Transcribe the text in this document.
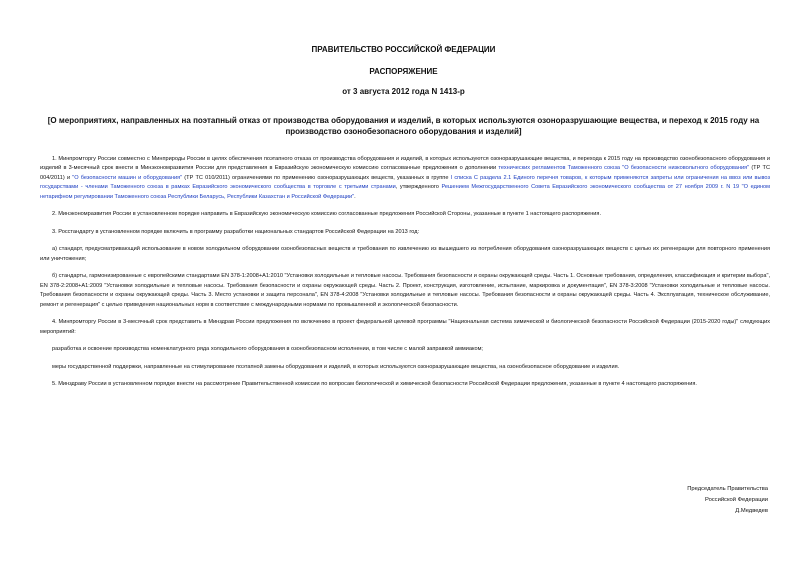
ПРАВИТЕЛЬСТВО РОССИЙСКОЙ ФЕДЕРАЦИИ
РАСПОРЯЖЕНИЕ
от 3 августа 2012 года N 1413-р
[О мероприятиях, направленных на поэтапный отказ от производства оборудования и изделий, в которых используются озоноразрушающие вещества, и переход к 2015 году на производство озонобезопасного оборудования и изделий]

1. Минпромторгу России совместно с Минприроды России в целях обеспечения поэтапного отказа от производства оборудования и изделий, в которых используются озоноразрушающие вещества, и перехода к 2015 году на производство озонобезопасного оборудования и изделий в 3-месячный срок внести в Минэкономразвития России для представления в Евразийскую экономическую комиссию согласованные предложения о дополнении технических регламентов Таможенного союза "О безопасности низковольтного оборудования" (ТР ТС 004/2011) и "О безопасности машин и оборудования" (ТР ТС 010/2011) ограничениями по применению озоноразрушающих веществ, указанных в группе I списка С раздела 2.1 Единого перечня товаров, к которым применяются запреты или ограничения на ввоз или вывоз государствами - членами Таможенного союза в рамках Евразийского экономического сообщества в торговле с третьими странами, утвержденного Решением Межгосударственного Совета Евразийского экономического сообщества от 27 ноября 2009 г. N 19 "О едином нетарифном регулировании Таможенного союза Республики Беларусь, Республики Казахстан и Российской Федерации".

2. Минэкономразвития России в установленном порядке направить в Евразийскую экономическую комиссию согласованные предложения Российской Стороны, указанные в пункте 1 настоящего распоряжения.

3. Росстандарту в установленном порядке включить в программу разработки национальных стандартов Российской Федерации на 2013 год:

а) стандарт, предусматривающий использование в новом холодильном оборудовании озонобезопасных веществ и требования по извлечению из вышедшего из потребления оборудования озоноразрушающих веществ с целью их регенерации для повторного применения или уничтожения;

б) стандарты, гармонизированные с европейскими стандартами EN 378-1:2008+A1:2010 "Установки холодильные и тепловые насосы. Требования безопасности и охраны окружающей среды. Часть 1. Основные требования, определения, классификация и критерии выбора", EN 378-2:2008+A1:2009 "Установки холодильные и тепловые насосы. Требования безопасности и охраны окружающей среды. Часть 2. Проект, конструкция, изготовление, испытание, маркировка и документация", EN 378-3:2008 "Установки холодильные и тепловые насосы. Требования безопасности и охраны окружающей среды. Часть 3. Место установки и защита персонала", EN 378-4:2008 "Установки холодильные и тепловые насосы. Требования безопасности и охраны окружающей среды. Часть 4. Эксплуатация, техническое обслуживание, ремонт и регенерация" с целью приведения национальных норм в соответствие с международными нормами по промышленной и экологической безопасности.

4. Минпромторгу России в 3-месячный срок представить в Минздрав России предложения по включению в проект федеральной целевой программы "Национальная система химической и биологической безопасности Российской Федерации (2015-2020 годы)" следующих мероприятий:

разработка и освоение производства номенклатурного ряда холодильного оборудования в озонобезопасном исполнении, в том числе с малой заправкой аммиаком;

меры государственной поддержки, направленные на стимулирование поэтапной замены оборудования и изделий, в которых используются озоноразрушающие вещества, на озонобезопасное оборудование и изделия.

5. Минздраву России в установленном порядке внести на рассмотрение Правительственной комиссии по вопросам биологической и химической безопасности Российской Федерации предложения, указанные в пункте 4 настоящего распоряжения.

Председатель Правительства
Российской Федерации
Д.Медведев
